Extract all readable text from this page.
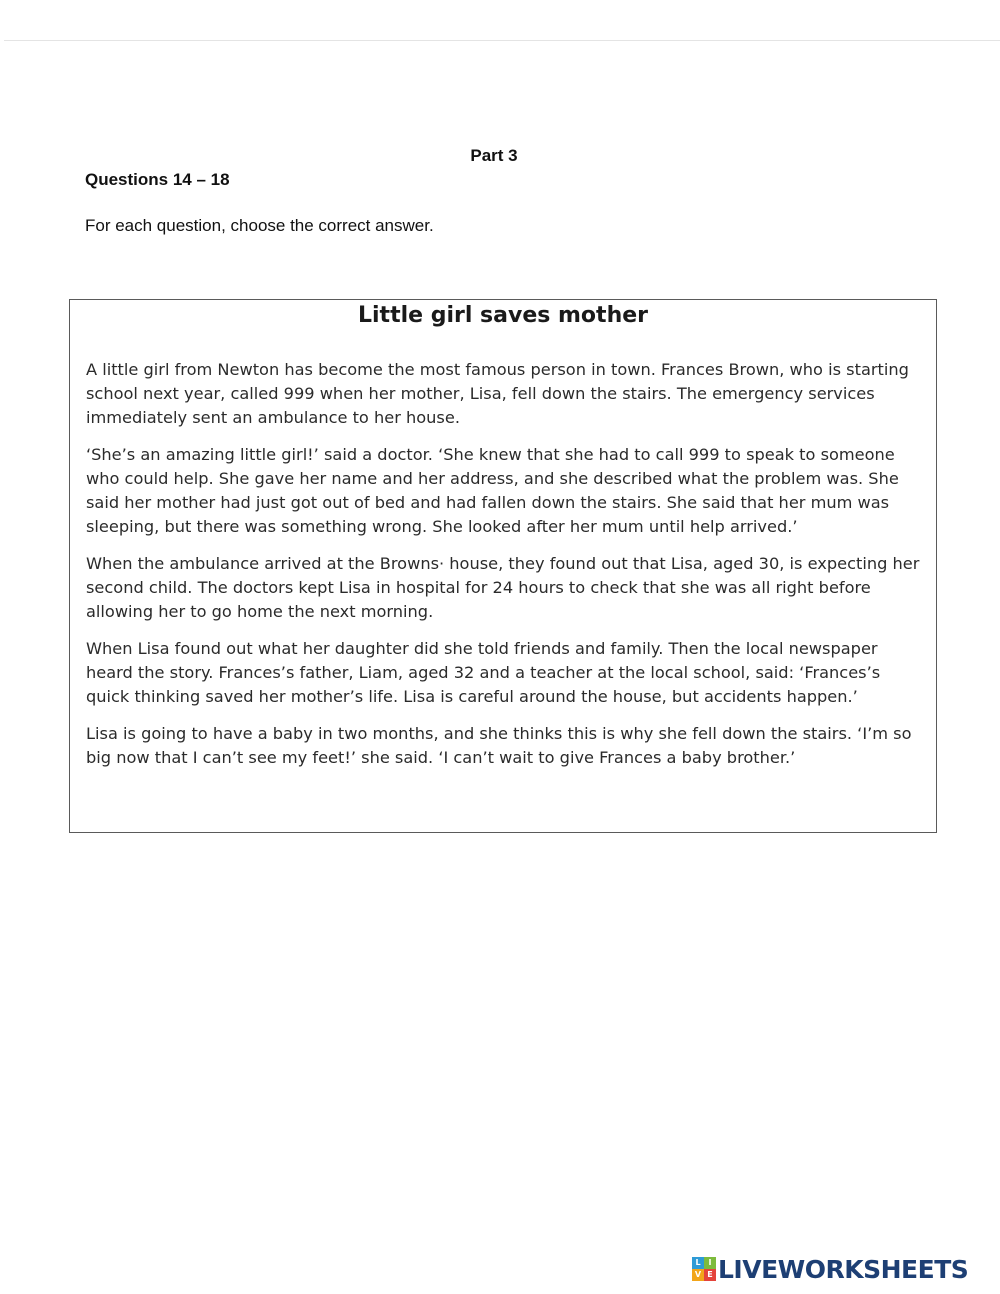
Part 3
Questions 14 – 18
For each question, choose the correct answer.
Little girl saves mother

A little girl from Newton has become the most famous person in town. Frances Brown, who is starting school next year, called 999 when her mother, Lisa, fell down the stairs. The emergency services immediately sent an ambulance to her house.

‘She’s an amazing little girl!’ said a doctor. ‘She knew that she had to call 999 to speak to someone who could help. She gave her name and her address, and she described what the problem was. She said her mother had just got out of bed and had fallen down the stairs. She said that her mum was sleeping, but there was something wrong. She looked after her mum until help arrived.’

When the ambulance arrived at the Browns· house, they found out that Lisa, aged 30, is expecting her second child. The doctors kept Lisa in hospital for 24 hours to check that she was all right before allowing her to go home the next morning.

When Lisa found out what her daughter did she told friends and family. Then the local newspaper heard the story. Frances’s father, Liam, aged 32 and a teacher at the local school, said: ‘Frances’s quick thinking saved her mother’s life. Lisa is careful around the house, but accidents happen.’

Lisa is going to have a baby in two months, and she thinks this is why she fell down the stairs. ‘I’m so big now that I can’t see my feet!’ she said. ‘I can’t wait to give Frances a baby brother.’

L I
V E LIVEWORKSHEETS
